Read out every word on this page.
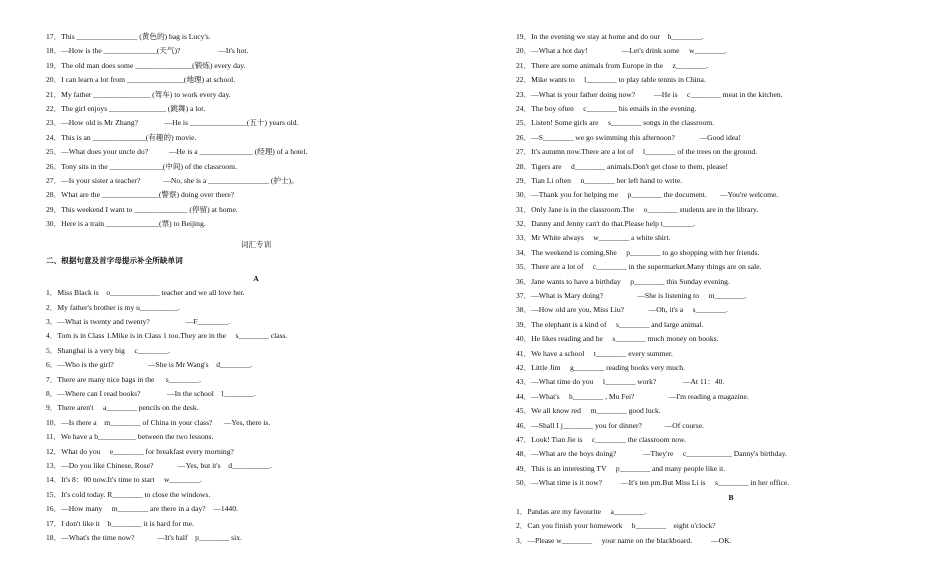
17．This ________________ (黄色的) bag is Lucy's.
18．—How is the ______________(天气)?                    —It's hot.
19．The old man does some _______________(锻炼) every day.
20．I can learn a lot from _______________(地理) at school.
21．My father _______________ (驾车) to work every day.
22．The girl enjoys _______________ (跳舞) a lot.
23．—How old is Mr Zhang?              —He is _______________(五十) years old.
24．This is an ______________(有趣的) movie.
25．—What does your uncle do?           —He is a ______________ (经理) of a hotel.
26．Tony sits in the ______________(中间) of the classroom.
27．—Is your sister a teacher?            —No, she is a ________________ (护士)。
28．What are the _______________(警察) doing over there?
29．This weekend I want to ______________ (停留) at home.
30．Here is a train ______________(票) to Beijing.
词汇专训
二、根据句意及首字母提示补全所缺单词
A
1．Miss Black is    o_____________ teacher and we all love her.
2．My father's brother is my u__________.
3．—What is twenty and twenty?                   —F________.
4．Tom is in Class 1.Mike is in Class 1 too.They are in the     s________ class.
5．Shanghai is a very big     c________.
6．—Who is the girl?                  —She is Mr Wang's    d________.
7．There are many nice bags in the      s________.
8．—Where can I read books?              —In the school    l________.
9．There aren't     a________ pencils on the desk.
10．—Is there a    m________ of China in your class?      —Yes, there is.
11．We have a b__________ between the two lessons.
12．What do you     e________ for breakfast every morning?
13．—Do you like Chinese, Rose?             —Yes, but it's    d__________.
14．It's 8：00 now.It's time to start     w________.
15．It's cold today. R________ to close the windows.
16．—How many     m________ are there in a day?    —1440.
17．I don't like it    b________ it is hard for me.
18．—What's the time now?            —It's half    p________ six.
19．In the evening we stay at home and do our    h________.
20．—What a hot day!                  —Let's drink some     w________.
21．There are some animals from Europe in the     z________.
22．Mike wants to     l________ to play table tennis in China.
23．—What is your father doing now?          —He is     c________ meat in the kitchen.
24．The boy often     c________ his emails in the evening.
25．Listen! Some girls are     s________ songs in the classroom.
26．—S________ we go swimming this afternoon?             —Good idea!
27．It's autumn now.There are a lot of     l________ of the trees on the ground.
28．Tigers are     d________ animals.Don't get close to them, please!
29．Tian Li often     n________ her left hand to write.
30．—Thank you for helping me     p________ the document.       —You're welcome.
31．Only Jane is in the classroom.The     o________ students are in the library.
32．Danny and Jenny can't do that.Please help t________.
33．Mr White always     w________ a white shirt.
34．The weekend is coming.She     p________ to go shopping with her friends.
35．There are a lot of     c________ in the supermarket.Many things are on sale.
36．Jane wants to have a birthday     p________ this Sunday evening.
37．—What is Mary doing?                  —She is listening to     m________.
38．—How old are you, Miss Liu?             —Oh, it's a     s________.
39．The elephant is a kind of     s________ and large animal.
40．He likes reading and he     s________ much money on books.
41．We have a school     t________ every summer.
42．Little Jim     g________ reading books very much.
43．—What time do you     l________ work?              —At 11：40.
44．—What's     h________ , Mu Fei?                  —I'm reading a magazine.
45．We all know red     m________ good luck.
46．—Shall I j________ you for dinner?            —Of course.
47．Look! Tian Jie is     c________ the classroom now.
48．—What are the boys doing?              —They're     c____________ Danny's birthday.
49．This is an interesting TV     p________ and many people like it.
50．—What time is it now?          —It's ten pm.But Miss Li is     s________ in her office.
B
1．Pandas are my favourite     a________.
2．Can you finish your homework     b________    eight o'clock?
3．—Please w________     your name on the blackboard.          —OK.
